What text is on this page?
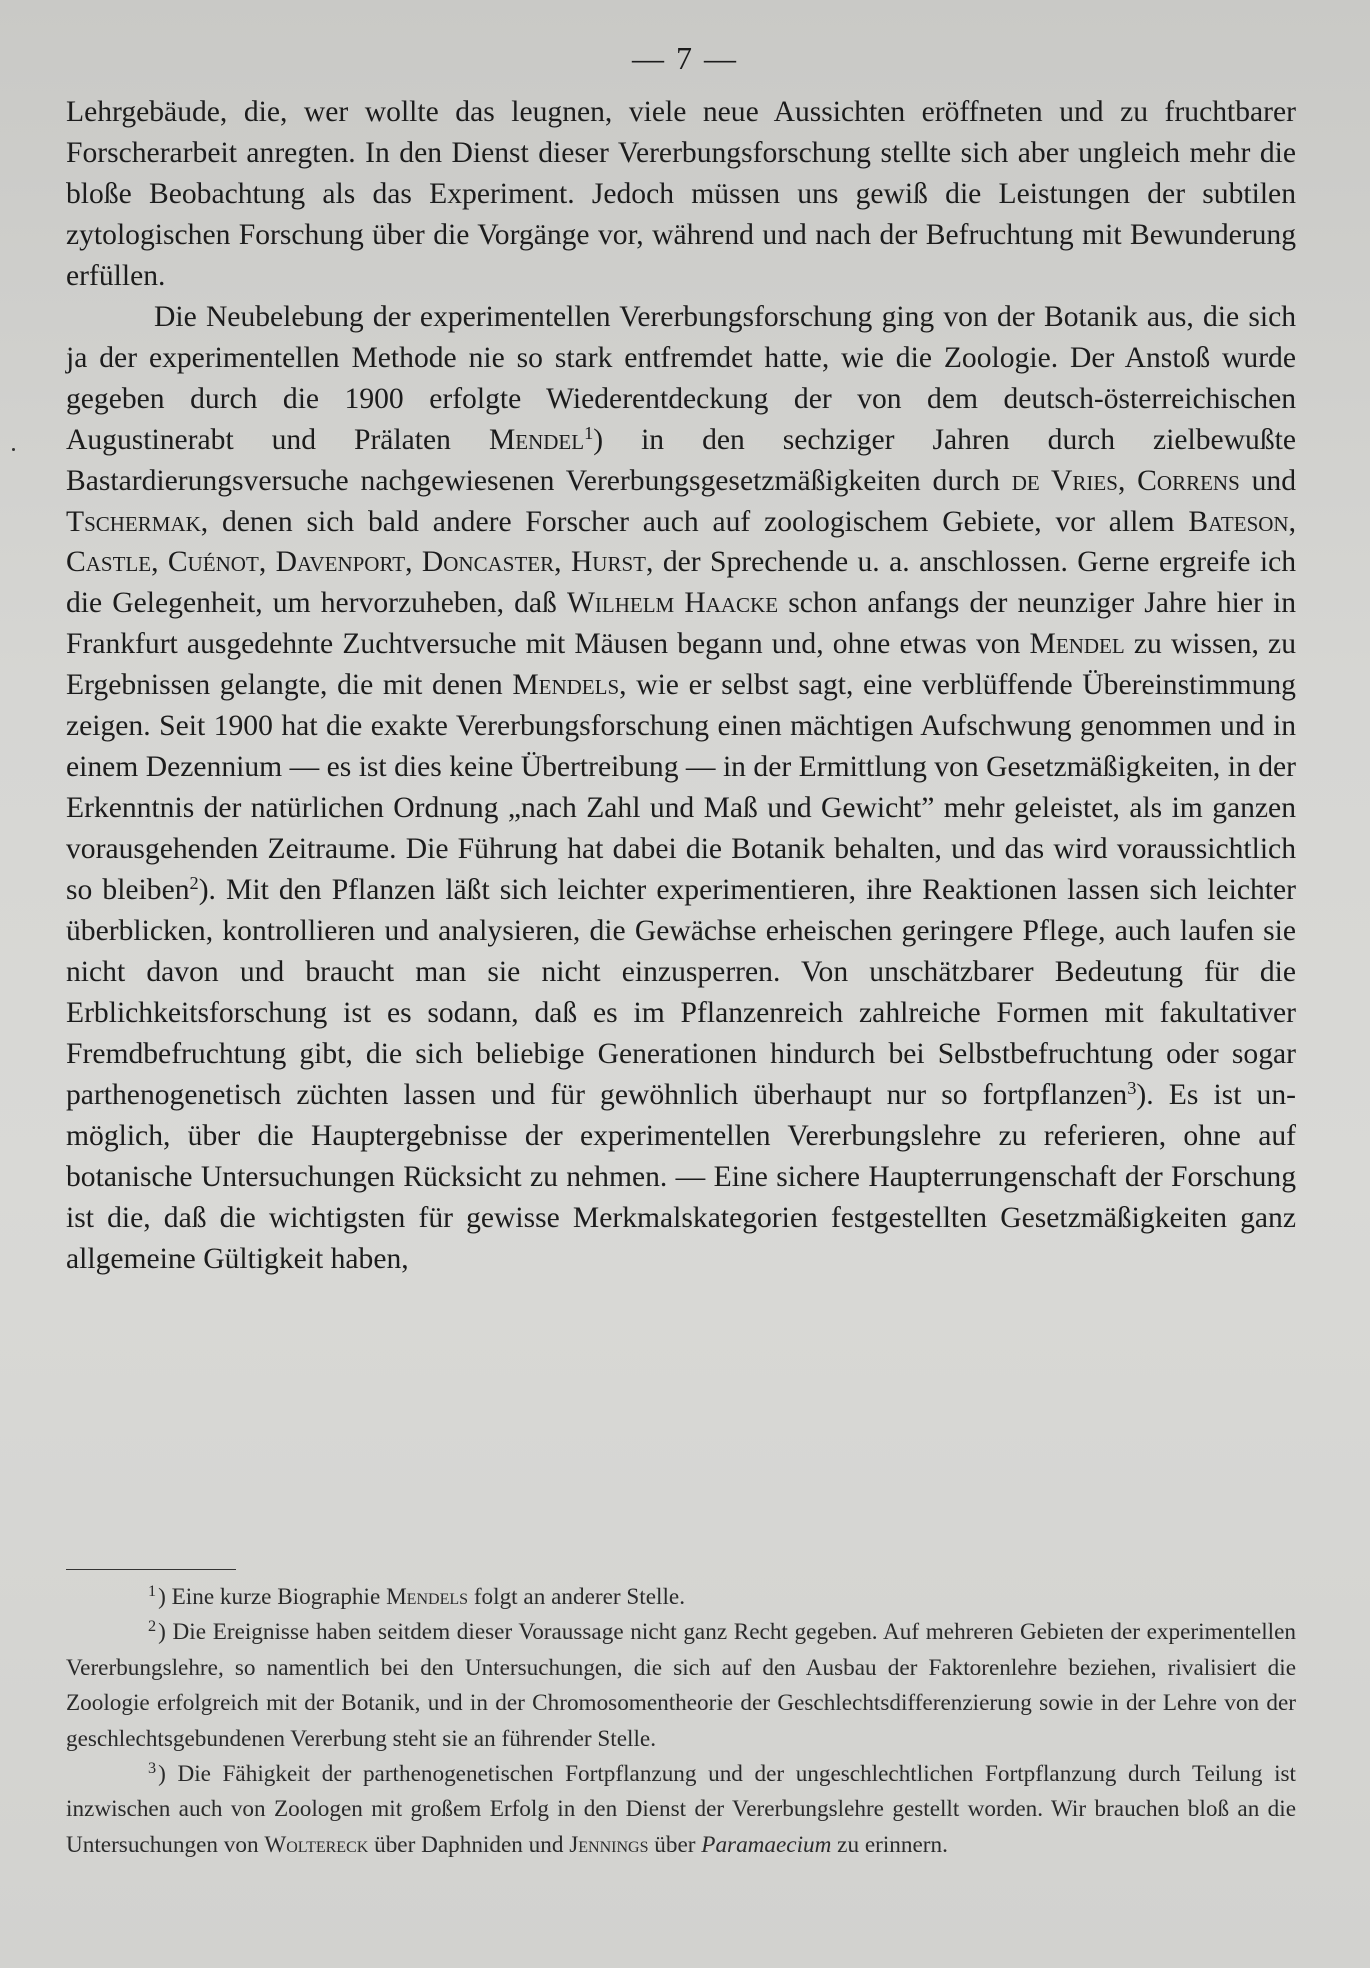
— 7 —

Lehrgebäude, die, wer wollte das leugnen, viele neue Aussichten eröffneten und zu fruchtbarer Forscherarbeit anregten. In den Dienst dieser Vererbungsforschung stellte sich aber ungleich mehr die bloße Beobachtung als das Experiment. Jedoch müssen uns gewiß die Leistungen der subtilen zytologischen Forschung über die Vorgänge vor, während und nach der Befruchtung mit Bewunderung erfüllen.

Die Neubelebung der experimentellen Vererbungsforschung ging von der Botanik aus, die sich ja der experimentellen Methode nie so stark entfremdet hatte, wie die Zoologie. Der Anstoß wurde gegeben durch die 1900 erfolgte Wiederentdeckung der von dem deutsch-österreichischen Augustinerabt und Prälaten Mendel$^1$) in den sechziger Jahren durch zielbewußte Bastardierungsversuche nachgewiesenen Vererbungsgesetzmäßigkeiten durch de Vries, Correns und Tschermak, denen sich bald andere Forscher auch auf zoologischem Gebiete, vor allem Bateson, Castle, Cuénot, Davenport, Doncaster, Hurst, der Sprechende u. a. anschlossen. Gerne ergreife ich die Gelegenheit, um hervorzuheben, daß Wilhelm Haacke schon anfangs der neunziger Jahre hier in Frankfurt ausgedehnte Zuchtversuche mit Mäusen begann und, ohne etwas von Mendel zu wissen, zu Ergebnissen gelangte, die mit denen Mendels, wie er selbst sagt, eine verblüffende Übereinstimmung zeigen. Seit 1900 hat die exakte Vererbungsforschung einen mächtigen Aufschwung genommen und in einem Dezennium — es ist dies keine Übertreibung — in der Ermittlung von Gesetzmäßigkeiten, in der Erkenntnis der natürlichen Ordnung „nach Zahl und Maß und Gewicht” mehr geleistet, als im ganzen vorausgehenden Zeitraume. Die Führung hat dabei die Botanik behalten, und das wird voraussichtlich so bleiben$^2$). Mit den Pflanzen läßt sich leichter experimentieren, ihre Reaktionen lassen sich leichter überblicken, kontrollieren und analysieren, die Gewächse erheischen geringere Pflege, auch laufen sie nicht davon und braucht man sie nicht einzusperren. Von unschätzbarer Bedeutung für die Erblichkeitsforschung ist es sodann, daß es im Pflanzenreich zahlreiche Formen mit fakultativer Fremdbefruchtung gibt, die sich beliebige Generationen hindurch bei Selbstbefruchtung oder sogar parthenogenetisch züchten lassen und für gewöhnlich überhaupt nur so fortpflanzen$^3$). Es ist unmöglich, über die Hauptergebnisse der experimentellen Vererbungslehre zu referieren, ohne auf botanische Untersuchungen Rücksicht zu nehmen. — Eine sichere Haupterrungenschaft der Forschung ist die, daß die wichtigsten für gewisse Merkmalskategorien festgestellten Gesetzmäßigkeiten ganz allgemeine Gültigkeit haben,

$^1$) Eine kurze Biographie Mendels folgt an anderer Stelle.

$^2$) Die Ereignisse haben seitdem dieser Voraussage nicht ganz Recht gegeben. Auf mehreren Gebieten der experimentellen Vererbungslehre, so namentlich bei den Untersuchungen, die sich auf den Ausbau der Faktorenlehre beziehen, rivalisiert die Zoologie erfolgreich mit der Botanik, und in der Chromosomentheorie der Geschlechtsdifferenzierung sowie in der Lehre von der geschlechtsgebundenen Vererbung steht sie an führender Stelle.

$^3$) Die Fähigkeit der parthenogenetischen Fortpflanzung und der ungeschlechtlichen Fortpflanzung durch Teilung ist inzwischen auch von Zoologen mit großem Erfolg in den Dienst der Vererbungslehre gestellt worden. Wir brauchen bloß an die Untersuchungen von Woltereck über Daphniden und Jennings über Paramaecium zu erinnern.
